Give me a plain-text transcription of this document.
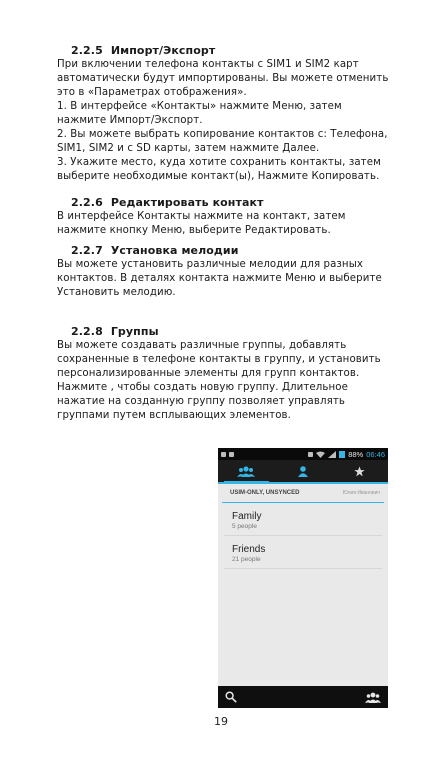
2.2.5 Импорт/Экспорт
При включении телефона контакты с SIM1 и SIM2 карт
автоматически будут импортированы. Вы можете отменить
это в «Параметрах отображения».
1. В интерфейсе «Контакты» нажмите Меню, затем
нажмите Импорт/Экспорт.
2. Вы можете выбрать копирование контактов с: Телефона,
SIM1, SIM2 и с SD карты, затем нажмите Далее.
3. Укажите место, куда хотите сохранить контакты, затем
выберите необходимые контакт(ы), Нажмите Копировать.
2.2.6 Редактировать контакт
В интерфейсе Контакты нажмите на контакт, затем
нажмите кнопку Меню, выберите Редактировать.
2.2.7 Установка мелодии
Вы можете установить различные мелодии для разных
контактов. В деталях контакта нажмите Меню и выберите
Установить мелодию.
2.2.8 Группы
Вы можете создавать различные группы, добавлять
сохраненные в телефоне контакты в группу, и установить
персонализированные элементы для групп контактов.
Нажмите , чтобы создать новую группу. Длительное
нажатие на созданную группу позволяет управлять
группами путем всплывающих элементов.
88% 06:46
USIM-ONLY, UNSYNCED	Юлия Иванович
Family
5 people
Friends
21 people
19
